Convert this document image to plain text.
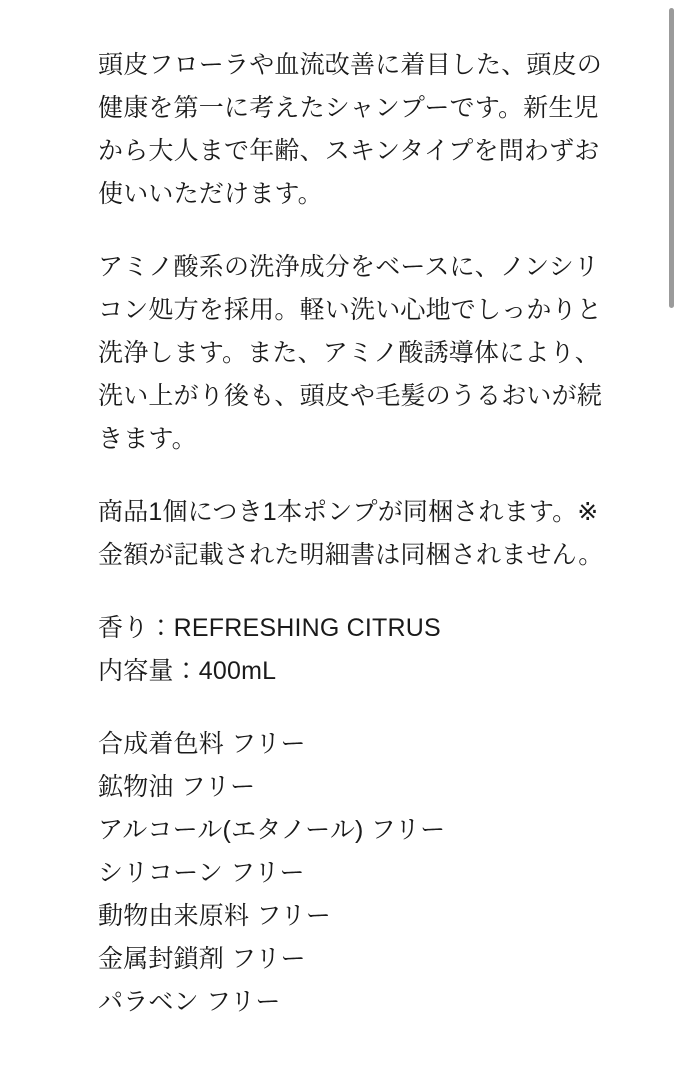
頭皮フローラや血流改善に着目した、頭皮の健康を第一に考えたシャンプーです。新生児から大人まで年齢、スキンタイプを問わずお使いいただけます。

アミノ酸系の洗浄成分をベースに、ノンシリコン処方を採用。軽い洗い心地でしっかりと洗浄します。また、アミノ酸誘導体により、洗い上がり後も、頭皮や毛髪のうるおいが続きます。

商品1個につき1本ポンプが同梱されます。※金額が記載された明細書は同梱されません。

香り：REFRESHING CITRUS

内容量：400mL

合成着色料 フリー
鉱物油 フリー
アルコール(エタノール) フリー
シリコーン フリー
動物由来原料 フリー
金属封鎖剤 フリー
パラベン フリー
